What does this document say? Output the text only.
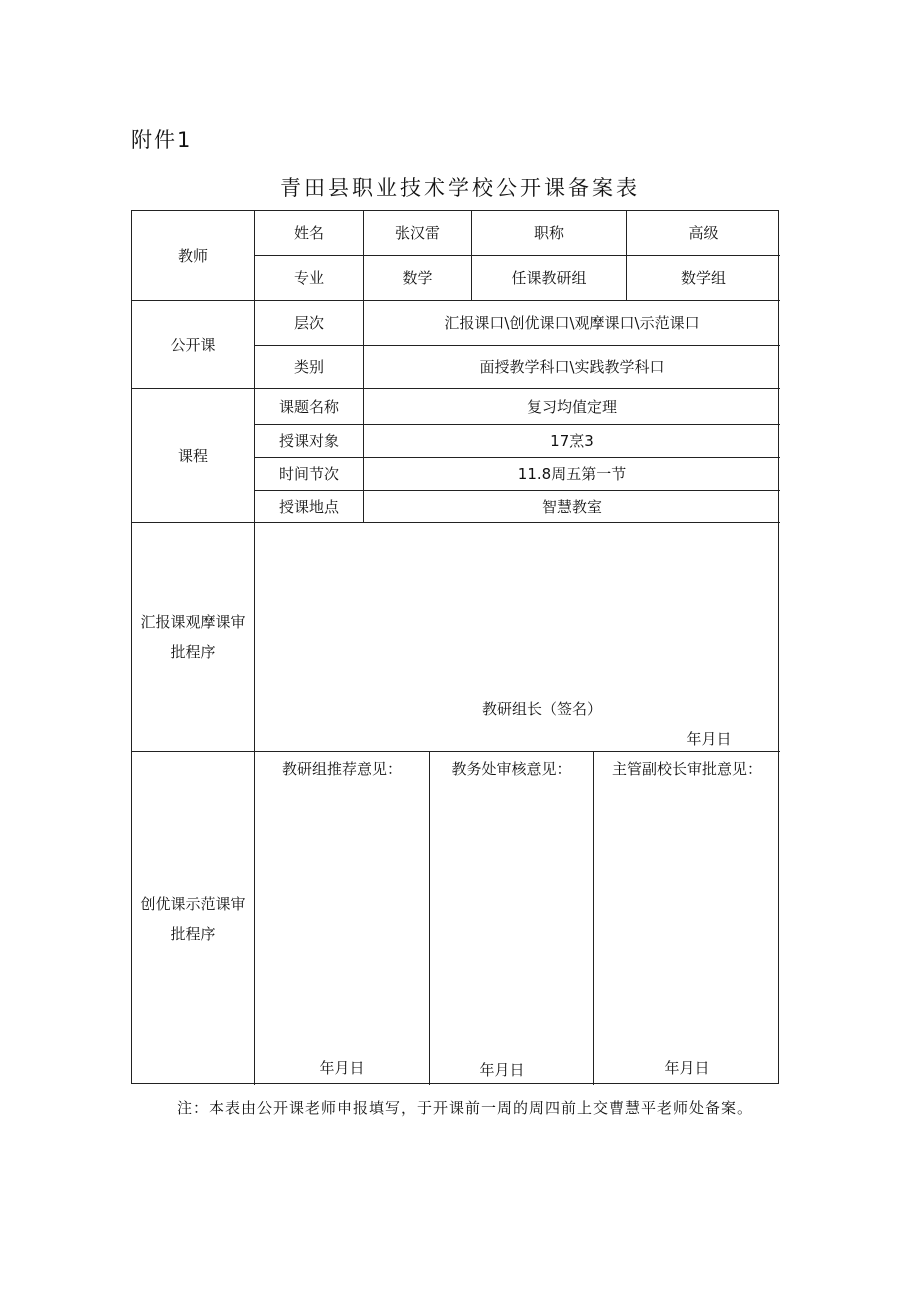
附件1
青田县职业技术学校公开课备案表
教师
姓名	张汉雷	职称	高级
专业	数学	任课教研组	数学组
公开课
层次	汇报课口\创优课口\观摩课口\示范课口
类别	面授教学科口\实践教学科口
课程
课题名称	复习均值定理
授课对象	17烹3
时间节次	11.8周五第一节
授课地点	智慧教室
汇报课观摩课审
批程序
教研组长（签名）
年月日
创优课示范课审
批程序
教研组推荐意见：	教务处审核意见：	主管副校长审批意见：
年月日	年月日	年月日
注：本表由公开课老师申报填写，于开课前一周的周四前上交曹慧平老师处备案。
